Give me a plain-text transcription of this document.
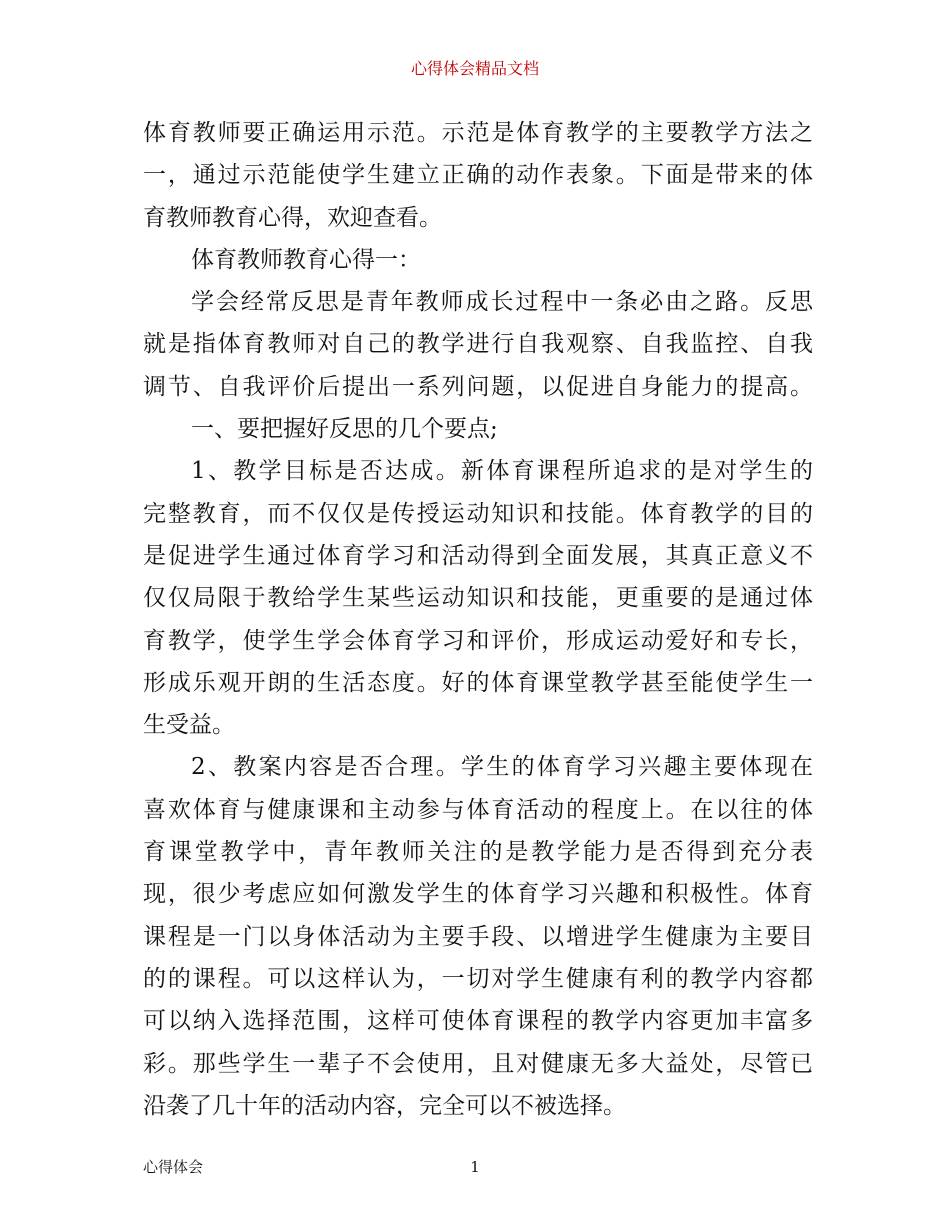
心得体会精品文档
体育教师要正确运用示范。示范是体育教学的主要教学方法之
一，通过示范能使学生建立正确的动作表象。下面是带来的体
育教师教育心得，欢迎查看。
体育教师教育心得一：
学会经常反思是青年教师成长过程中一条必由之路。反思
就是指体育教师对自己的教学进行自我观察、自我监控、自我
调节、自我评价后提出一系列问题，以促进自身能力的提高。
一、要把握好反思的几个要点;
1、教学目标是否达成。新体育课程所追求的是对学生的
完整教育，而不仅仅是传授运动知识和技能。体育教学的目的
是促进学生通过体育学习和活动得到全面发展，其真正意义不
仅仅局限于教给学生某些运动知识和技能，更重要的是通过体
育教学，使学生学会体育学习和评价，形成运动爱好和专长，
形成乐观开朗的生活态度。好的体育课堂教学甚至能使学生一
生受益。
2、教案内容是否合理。学生的体育学习兴趣主要体现在
喜欢体育与健康课和主动参与体育活动的程度上。在以往的体
育课堂教学中，青年教师关注的是教学能力是否得到充分表
现，很少考虑应如何激发学生的体育学习兴趣和积极性。体育
课程是一门以身体活动为主要手段、以增进学生健康为主要目
的的课程。可以这样认为，一切对学生健康有利的教学内容都
可以纳入选择范围，这样可使体育课程的教学内容更加丰富多
彩。那些学生一辈子不会使用，且对健康无多大益处，尽管已
沿袭了几十年的活动内容，完全可以不被选择。
心得体会	1
